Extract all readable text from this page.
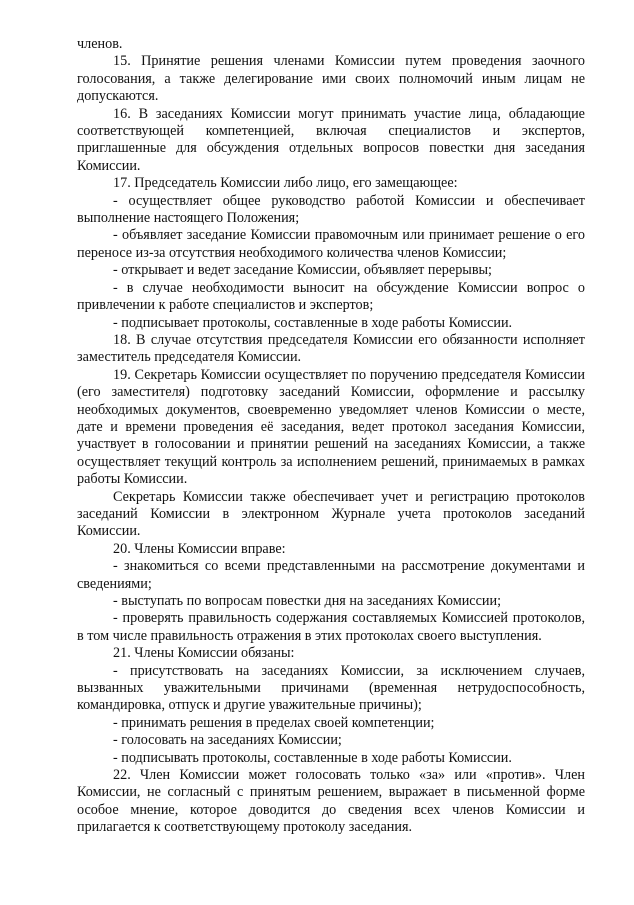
членов.

15. Принятие решения членами Комиссии путем проведения заочного голосования, а также делегирование ими своих полномочий иным лицам не допускаются.

16. В заседаниях Комиссии могут принимать участие лица, обладающие соответствующей компетенцией, включая специалистов и экспертов, приглашенные для обсуждения отдельных вопросов повестки дня заседания Комиссии.

17. Председатель Комиссии либо лицо, его замещающее:

- осуществляет общее руководство работой Комиссии и обеспечивает выполнение настоящего Положения;

- объявляет заседание Комиссии правомочным или принимает решение о его переносе из-за отсутствия необходимого количества членов Комиссии;

- открывает и ведет заседание Комиссии, объявляет перерывы;

- в случае необходимости выносит на обсуждение Комиссии вопрос о привлечении к работе специалистов и экспертов;

- подписывает протоколы, составленные в ходе работы Комиссии.

18. В случае отсутствия председателя Комиссии его обязанности исполняет заместитель председателя Комиссии.

19. Секретарь Комиссии осуществляет по поручению председателя Комиссии (его заместителя) подготовку заседаний Комиссии, оформление и рассылку необходимых документов, своевременно уведомляет членов Комиссии о месте, дате и времени проведения её заседания, ведет протокол заседания Комиссии, участвует в голосовании и принятии решений на заседаниях Комиссии, а также осуществляет текущий контроль за исполнением решений, принимаемых в рамках работы Комиссии.

Секретарь Комиссии также обеспечивает учет и регистрацию протоколов заседаний Комиссии в электронном Журнале учета протоколов заседаний Комиссии.

20. Члены Комиссии вправе:

- знакомиться со всеми представленными на рассмотрение документами и сведениями;

- выступать по вопросам повестки дня на заседаниях Комиссии;

- проверять правильность содержания составляемых Комиссией протоколов, в том числе правильность отражения в этих протоколах своего выступления.

21. Члены Комиссии обязаны:

- присутствовать на заседаниях Комиссии, за исключением случаев, вызванных уважительными причинами (временная нетрудоспособность, командировка, отпуск и другие уважительные причины);

- принимать решения в пределах своей компетенции;

- голосовать на заседаниях Комиссии;

- подписывать протоколы, составленные в ходе работы Комиссии.

22. Член Комиссии может голосовать только «за» или «против». Член Комиссии, не согласный с принятым решением, выражает в письменной форме особое мнение, которое доводится до сведения всех членов Комиссии и прилагается к соответствующему протоколу заседания.
